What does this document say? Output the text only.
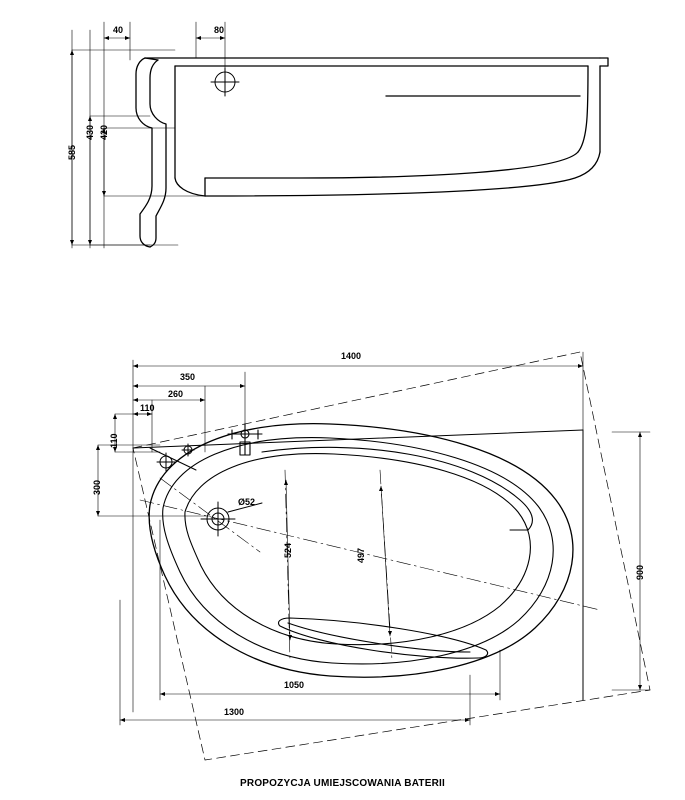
40	80
585
430 420
1400
350
260
110
110
300
900
1050
1300
524	497
Ø52
PROPOZYCJA UMIEJSCOWANIA BATERII
